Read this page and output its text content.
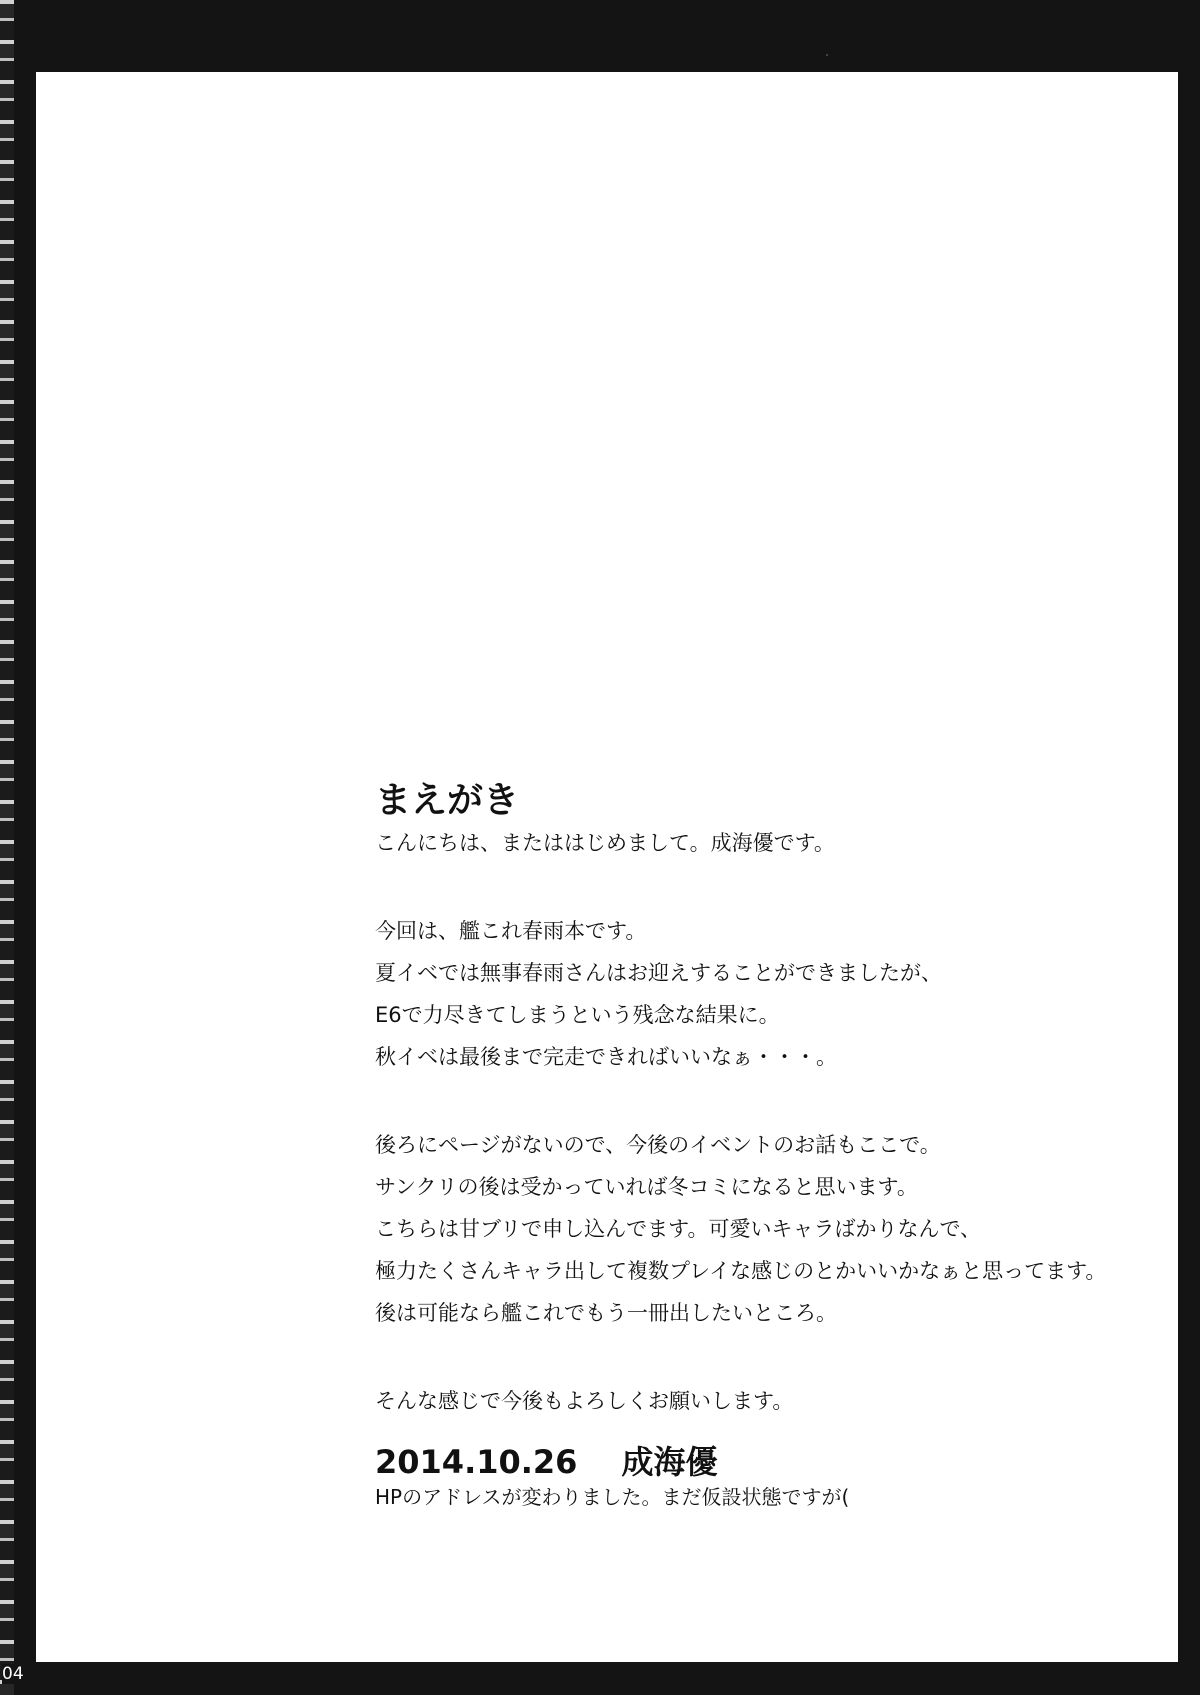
まえがき

こんにちは、またははじめまして。成海優です。

今回は、艦これ春雨本です。

夏イベでは無事春雨さんはお迎えすることができましたが、

E6で力尽きてしまうという残念な結果に。

秋イベは最後まで完走できればいいなぁ・・・。

後ろにページがないので、今後のイベントのお話もここで。

サンクリの後は受かっていれば冬コミになると思います。

こちらは甘ブリで申し込んでます。可愛いキャラばかりなんで、

極力たくさんキャラ出して複数プレイな感じのとかいいかなぁと思ってます。

後は可能なら艦これでもう一冊出したいところ。

そんな感じで今後もよろしくお願いします。

2014.10.26 成海優
HPのアドレスが変わりました。まだ仮設状態ですが(
04
